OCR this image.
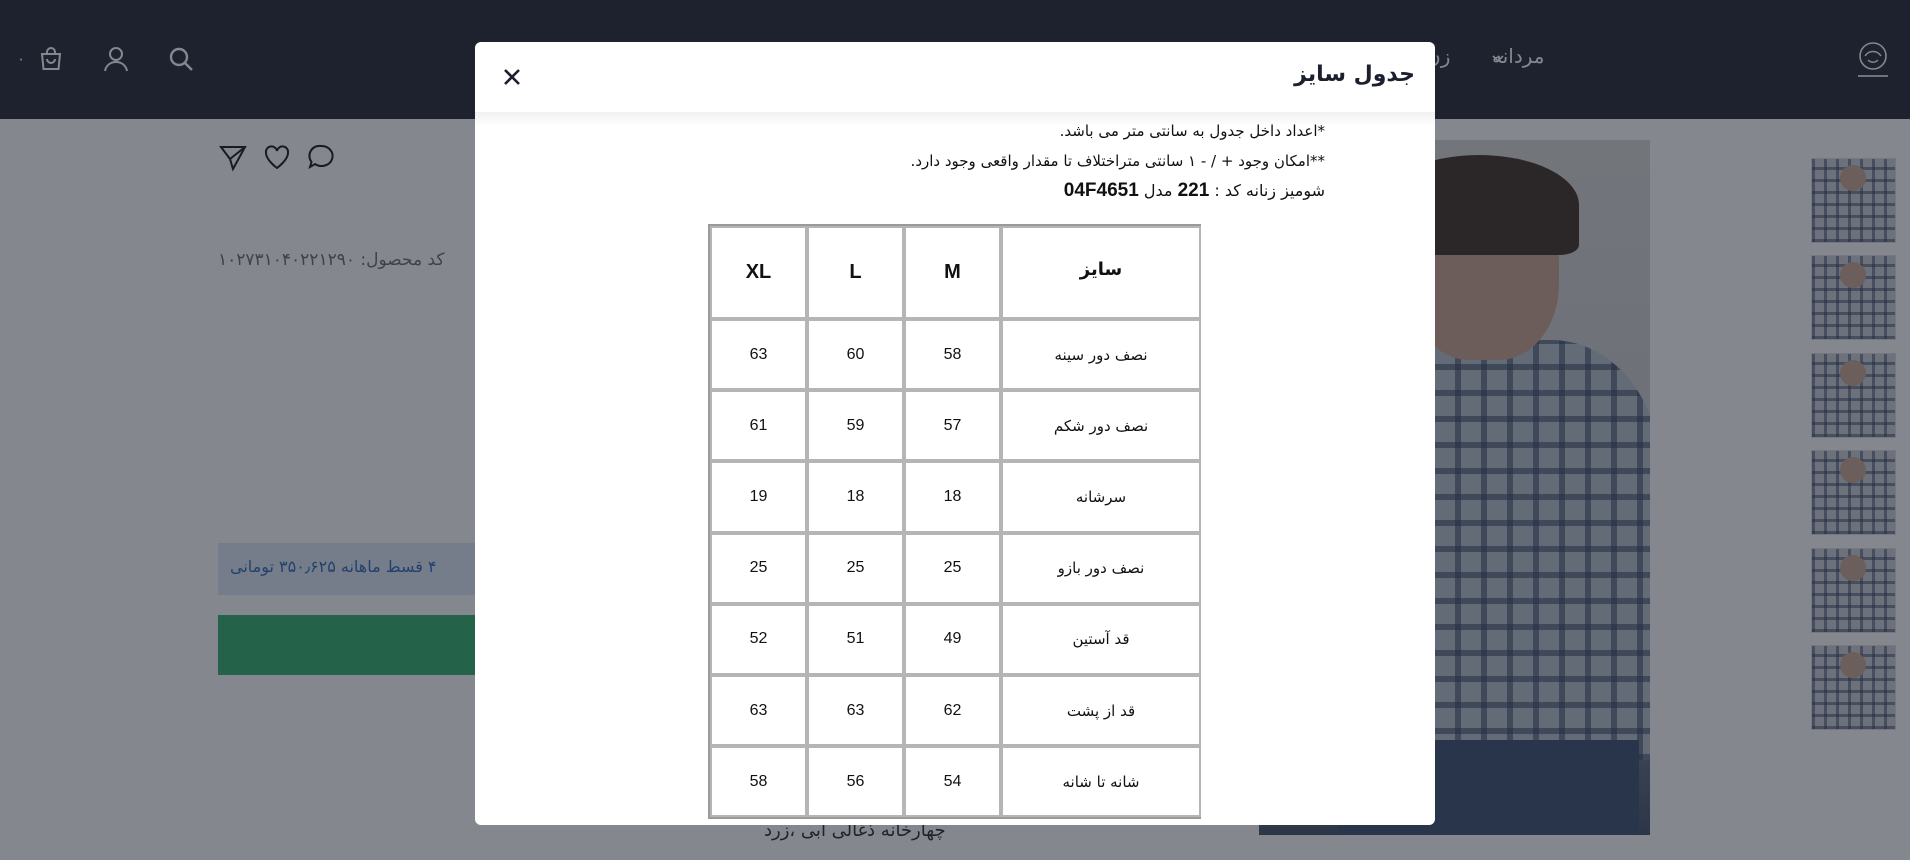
جدول سایز
*اعداد داخل جدول به سانتی متر می باشد.
**امکان وجود + / - ۱ سانتی متراختلاف تا مقدار واقعی وجود دارد.
شومیز زنانه کد : 221 مدل 04F4651
XL	L	M	سایز
63	60	58	نصف دور سینه
61	59	57	نصف دور شکم
19	18	18	سرشانه
25	25	25	نصف دور بازو
52	51	49	قد آستین
63	63	62	قد از پشت
58	56	54	شانه تا شانه
